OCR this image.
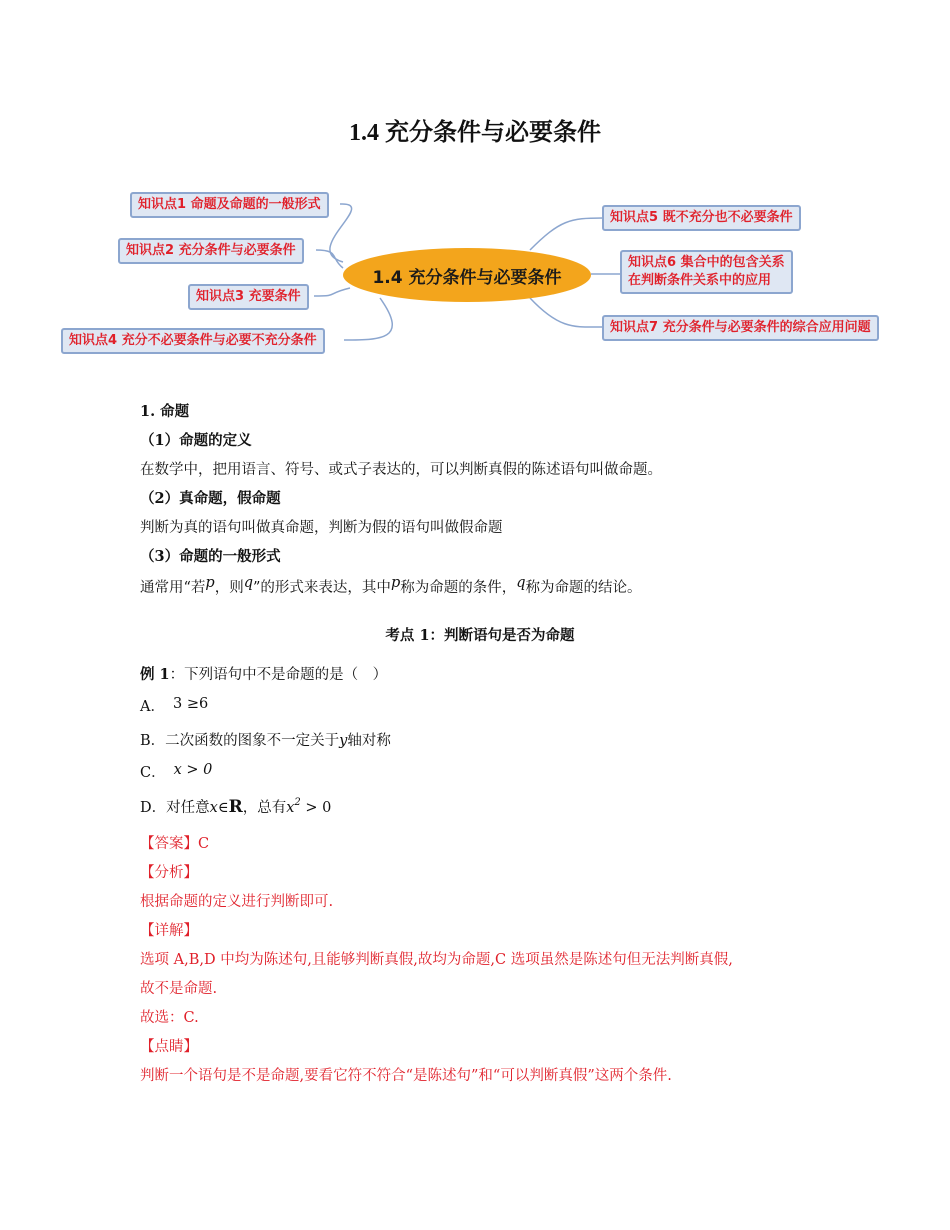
1.4 充分条件与必要条件
1.4 充分条件与必要条件
知识点1 命题及命题的一般形式
知识点2 充分条件与必要条件
知识点3 充要条件
知识点4 充分不必要条件与必要不充分条件
知识点5 既不充分也不必要条件
知识点6 集合中的包含关系
在判断条件关系中的应用
知识点7 充分条件与必要条件的综合应用问题
1. 命题
（1）命题的定义
在数学中，把用语言、符号、或式子表达的，可以判断真假的陈述语句叫做命题。
（2）真命题，假命题
判断为真的语句叫做真命题，判断为假的语句叫做假命题
（3）命题的一般形式
通常用“若p，则q”的形式来表达，其中p称为命题的条件，q称为命题的结论。
考点 1：判断语句是否为命题
例 1：下列语句中不是命题的是（　）
A． 3 ≥6
B．二次函数的图象不一定关于y轴对称
C． x > 0
D．对任意x∈R，总有$x^2 > 0$
【答案】C
【分析】
根据命题的定义进行判断即可.
【详解】
选项 A,B,D 中均为陈述句,且能够判断真假,故均为命题,C 选项虽然是陈述句但无法判断真假,
故不是命题.
故选：C.
【点睛】
判断一个语句是不是命题,要看它符不符合“是陈述句”和“可以判断真假”这两个条件.
